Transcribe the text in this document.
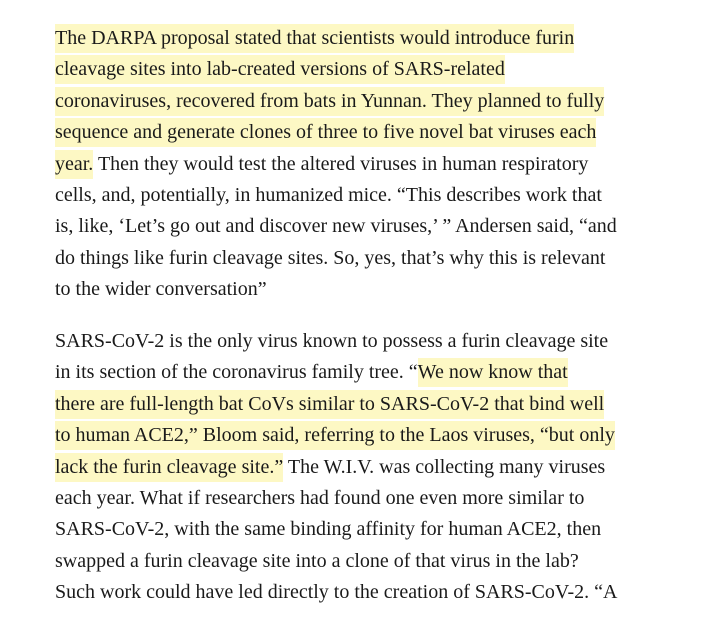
The DARPA proposal stated that scientists would introduce furin
cleavage sites into lab-created versions of SARS-related
coronaviruses, recovered from bats in Yunnan. They planned to fully
sequence and generate clones of three to five novel bat viruses each
year. Then they would test the altered viruses in human respiratory
cells, and, potentially, in humanized mice. “This describes work that
is, like, ‘Let’s go out and discover new viruses,’ ” Andersen said, “and
do things like furin cleavage sites. So, yes, that’s why this is relevant
to the wider conversation”
SARS-CoV-2 is the only virus known to possess a furin cleavage site
in its section of the coronavirus family tree. “We now know that
there are full-length bat CoVs similar to SARS-CoV-2 that bind well
to human ACE2,” Bloom said, referring to the Laos viruses, “but only
lack the furin cleavage site.” The W.I.V. was collecting many viruses
each year. What if researchers had found one even more similar to
SARS-CoV-2, with the same binding affinity for human ACE2, then
swapped a furin cleavage site into a clone of that virus in the lab?
Such work could have led directly to the creation of SARS-CoV-2. “A
